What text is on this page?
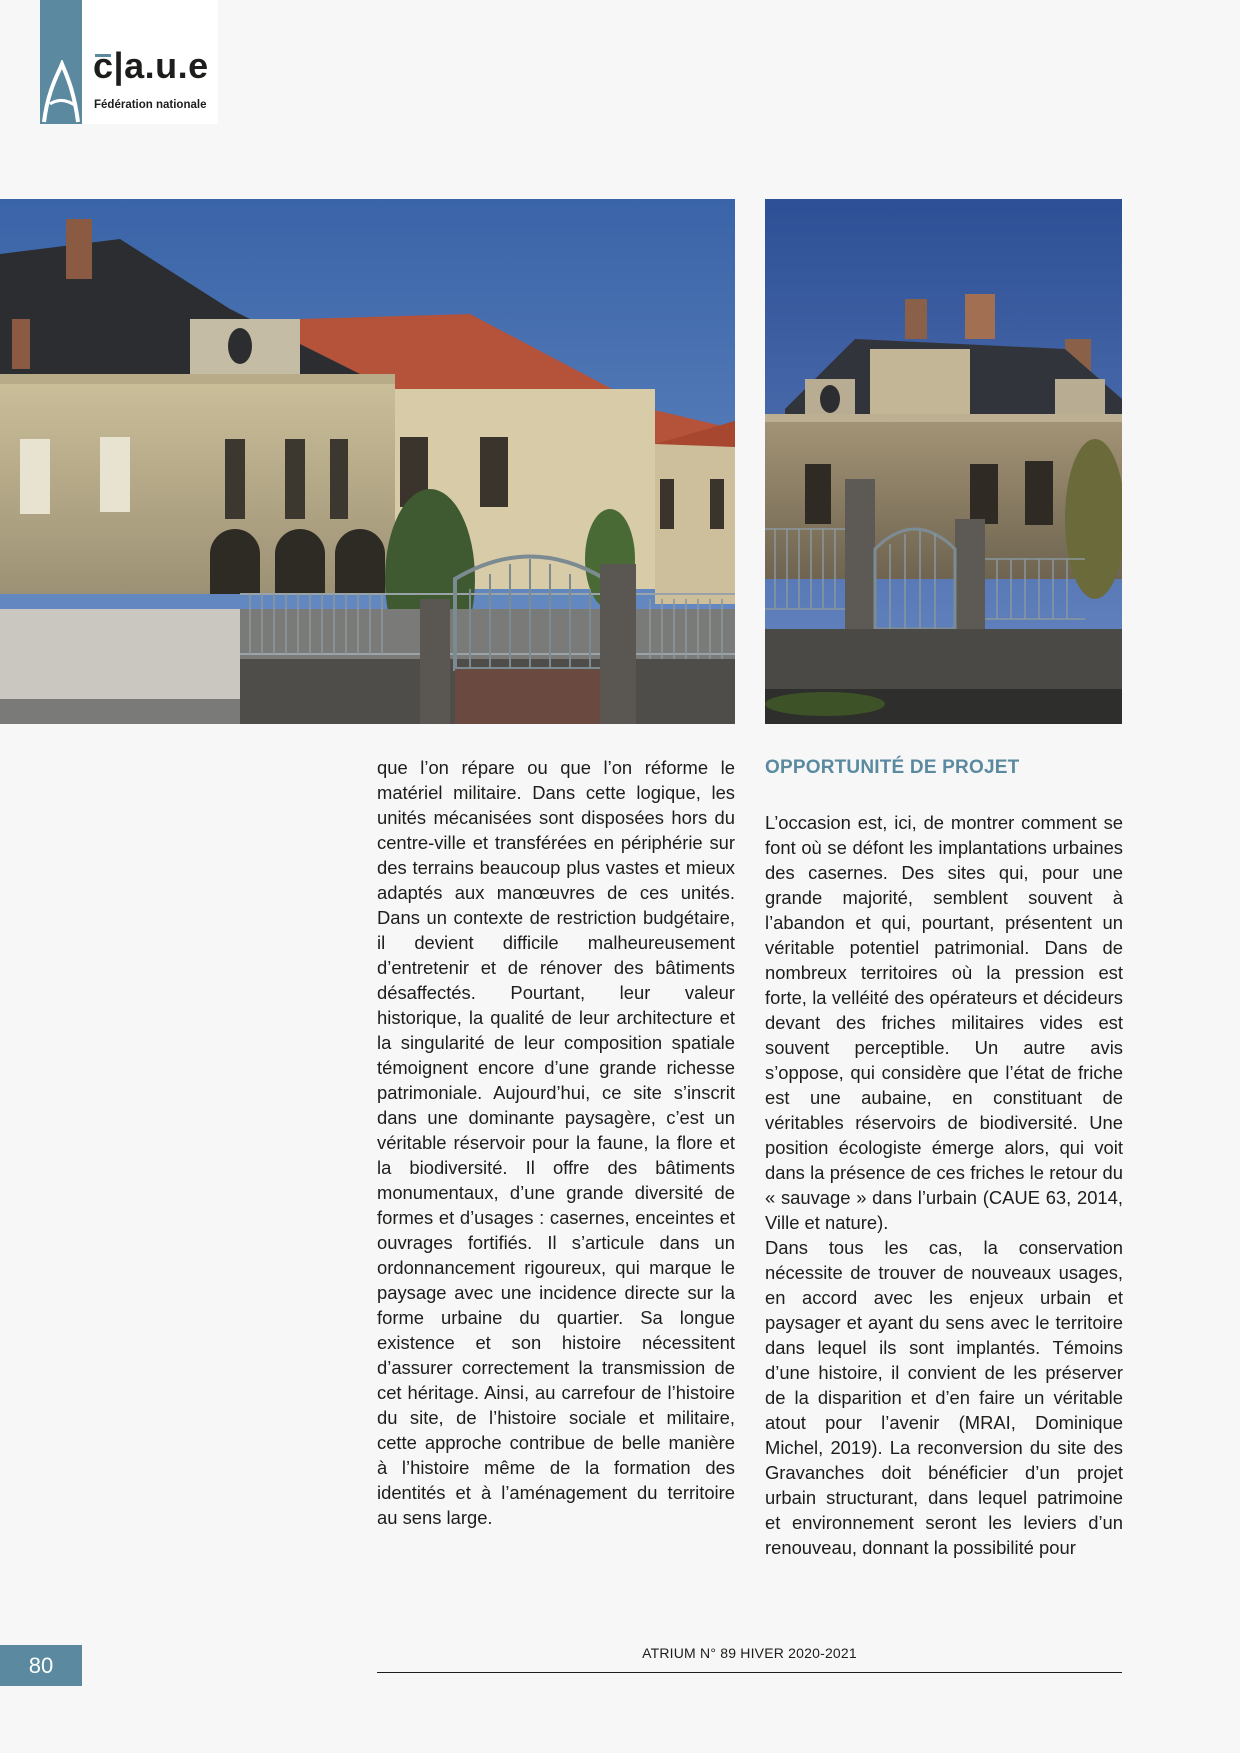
c|a.u.e
Fédération nationale

que l’on répare ou que l’on réforme le matériel militaire. Dans cette logique, les unités mécanisées sont disposées hors du centre-ville et transférées en périphérie sur des terrains beaucoup plus vastes et mieux adaptés aux manœuvres de ces unités. Dans un contexte de restriction budgétaire, il devient difficile malheureusement d’entretenir et de rénover des bâtiments désaffectés. Pourtant, leur valeur historique, la qualité de leur architecture et la singularité de leur composition spatiale témoignent encore d’une grande richesse patrimoniale. Aujourd’hui, ce site s’inscrit dans une dominante paysagère, c’est un véritable réservoir pour la faune, la flore et la biodiversité. Il offre des bâtiments monumentaux, d’une grande diversité de formes et d’usages : casernes, enceintes et ouvrages fortifiés. Il s’articule dans un ordonnancement rigoureux, qui marque le paysage avec une incidence directe sur la forme urbaine du quartier. Sa longue existence et son histoire nécessitent d’assurer correctement la transmission de cet héritage. Ainsi, au carrefour de l’histoire du site, de l’histoire sociale et militaire, cette approche contribue de belle manière à l’histoire même de la formation des identités et à l’aménagement du territoire au sens large.

OPPORTUNITÉ DE PROJET

L’occasion est, ici, de montrer comment se font où se défont les implantations urbaines des casernes. Des sites qui, pour une grande majorité, semblent souvent à l’abandon et qui, pourtant, présentent un véritable potentiel patrimonial. Dans de nombreux territoires où la pression est forte, la velléité des opérateurs et décideurs devant des friches militaires vides est souvent perceptible. Un autre avis s’oppose, qui considère que l’état de friche est une aubaine, en constituant de véritables réservoirs de biodiversité. Une position écologiste émerge alors, qui voit dans la présence de ces friches le retour du « sauvage » dans l’urbain (CAUE 63, 2014, Ville et nature).

Dans tous les cas, la conservation nécessite de trouver de nouveaux usages, en accord avec les enjeux urbain et paysager et ayant du sens avec le territoire dans lequel ils sont implantés. Témoins d’une histoire, il convient de les préserver de la disparition et d’en faire un véritable atout pour l’avenir (MRAI, Dominique Michel, 2019). La reconversion du site des Gravanches doit bénéficier d’un projet urbain structurant, dans lequel patrimoine et environnement seront les leviers d’un renouveau, donnant la possibilité pour

80	ATRIUM N° 89 HIVER 2020-2021
